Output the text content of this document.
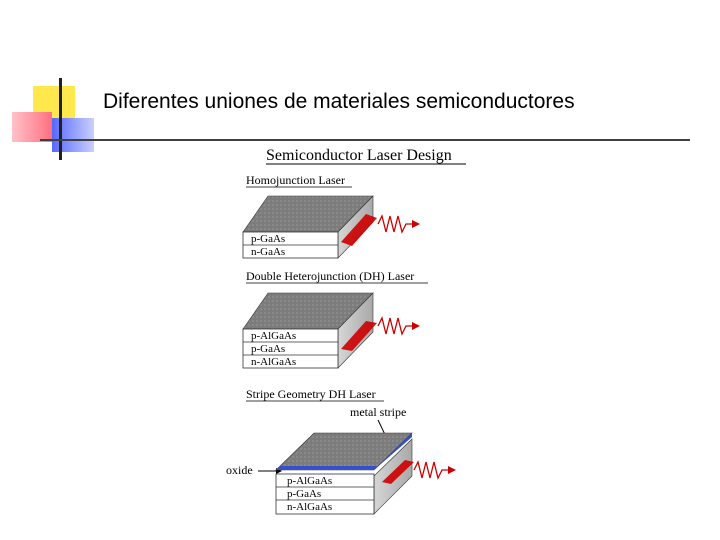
Diferentes uniones de materiales semiconductores
Semiconductor Laser Design
Homojunction Laser
p-GaAs
n-GaAs
Double Heterojunction (DH) Laser
p-AlGaAs
p-GaAs
n-AlGaAs
Stripe Geometry DH Laser
metal stripe
oxide
p-AlGaAs
p-GaAs
n-AlGaAs
